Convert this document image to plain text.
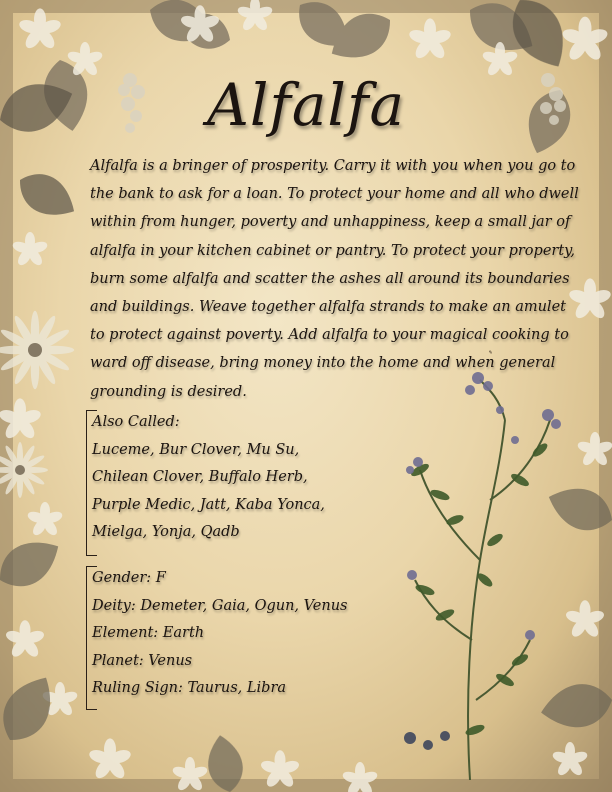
Alfalfa

Alfalfa is a bringer of prosperity. Carry it with you when you go to the bank to ask for a loan. To protect your home and all who dwell within from hunger, poverty and unhappiness, keep a small jar of alfalfa in your kitchen cabinet or pantry. To protect your property, burn some alfalfa and scatter the ashes all around its boundaries and buildings. Weave together alfalfa strands to make an amulet to protect against poverty. Add alfalfa to your magical cooking to ward off disease, bring money into the home and when general grounding is desired.

✎
Also Called:
Luceme, Bur Clover, Mu Su,
Chilean Clover, Buffalo Herb,
Purple Medic, Jatt, Kaba Yonca,
Mielga, Yonja, Qadb
Gender: F
Deity: Demeter, Gaia, Ogun, Venus
Element: Earth
Planet: Venus
Ruling Sign: Taurus, Libra
